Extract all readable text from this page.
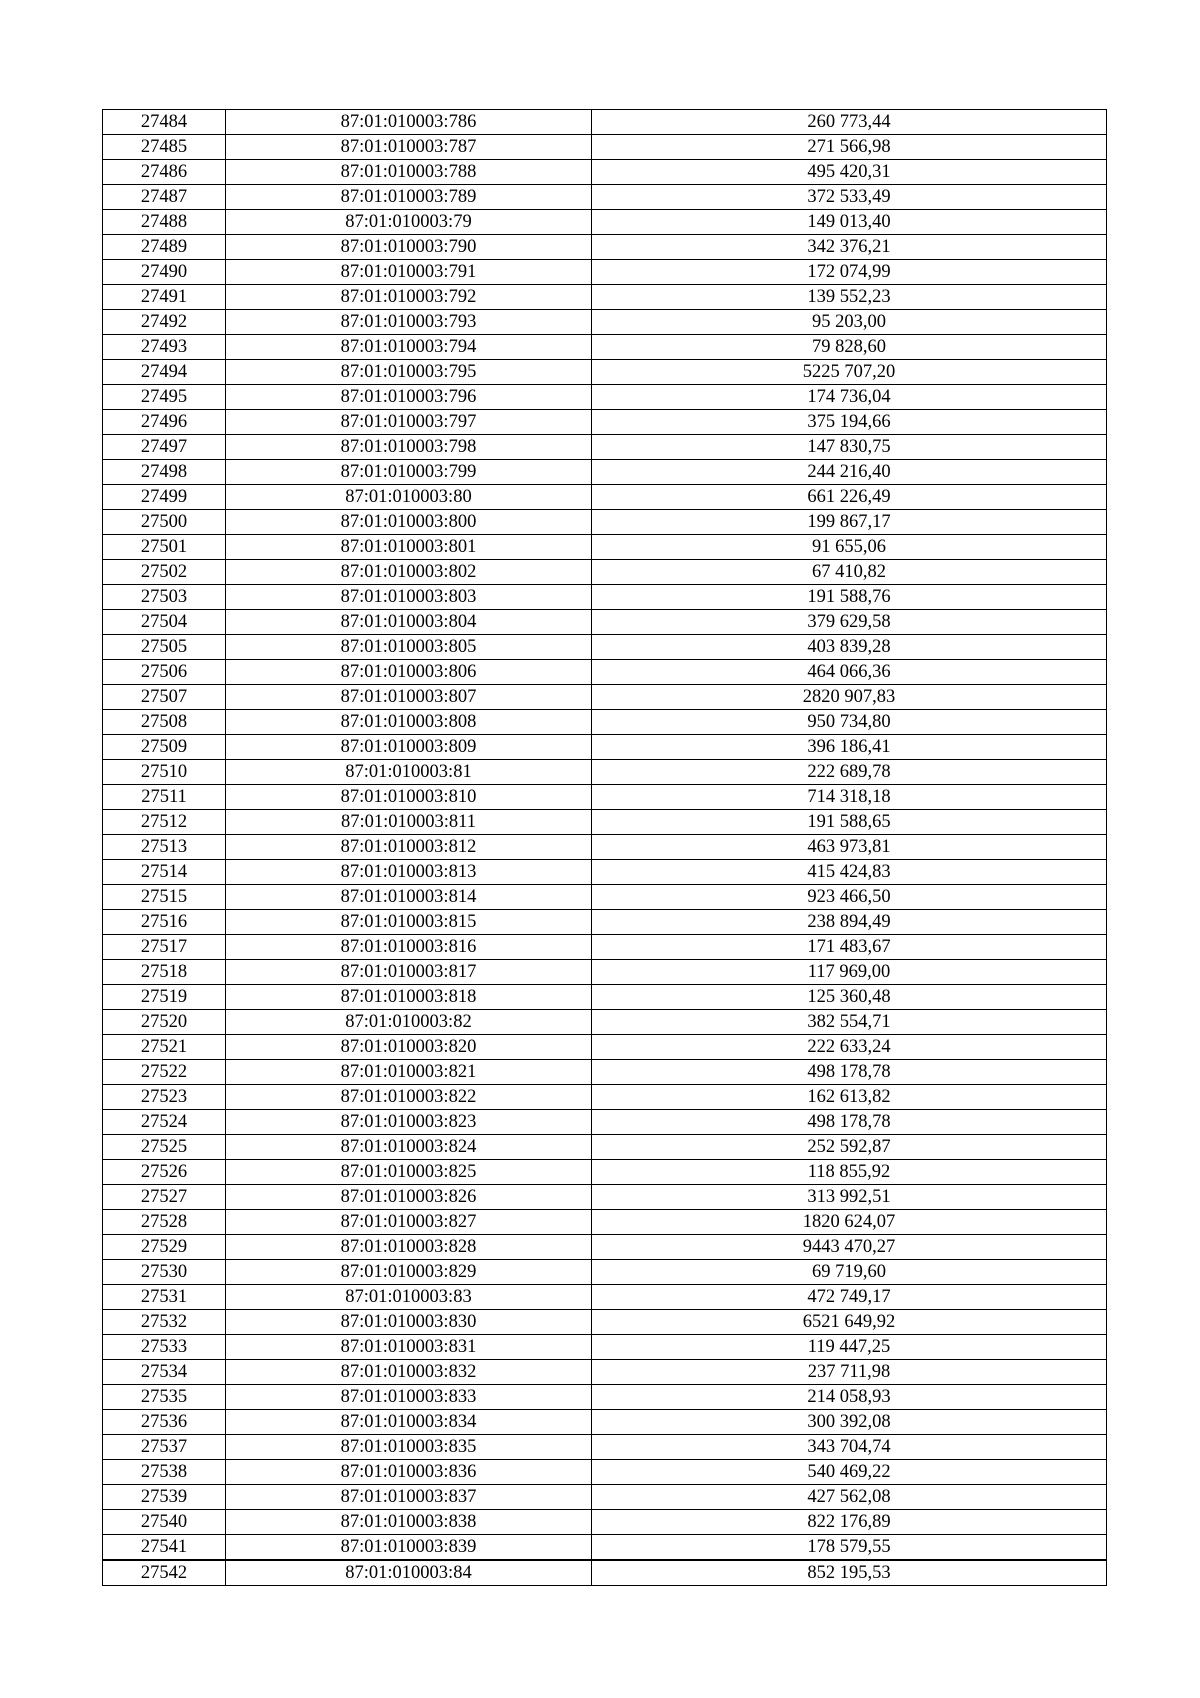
27484	87:01:010003:786	260 773,44
27485	87:01:010003:787	271 566,98
27486	87:01:010003:788	495 420,31
27487	87:01:010003:789	372 533,49
27488	87:01:010003:79	149 013,40
27489	87:01:010003:790	342 376,21
27490	87:01:010003:791	172 074,99
27491	87:01:010003:792	139 552,23
27492	87:01:010003:793	95 203,00
27493	87:01:010003:794	79 828,60
27494	87:01:010003:795	5225 707,20
27495	87:01:010003:796	174 736,04
27496	87:01:010003:797	375 194,66
27497	87:01:010003:798	147 830,75
27498	87:01:010003:799	244 216,40
27499	87:01:010003:80	661 226,49
27500	87:01:010003:800	199 867,17
27501	87:01:010003:801	91 655,06
27502	87:01:010003:802	67 410,82
27503	87:01:010003:803	191 588,76
27504	87:01:010003:804	379 629,58
27505	87:01:010003:805	403 839,28
27506	87:01:010003:806	464 066,36
27507	87:01:010003:807	2820 907,83
27508	87:01:010003:808	950 734,80
27509	87:01:010003:809	396 186,41
27510	87:01:010003:81	222 689,78
27511	87:01:010003:810	714 318,18
27512	87:01:010003:811	191 588,65
27513	87:01:010003:812	463 973,81
27514	87:01:010003:813	415 424,83
27515	87:01:010003:814	923 466,50
27516	87:01:010003:815	238 894,49
27517	87:01:010003:816	171 483,67
27518	87:01:010003:817	117 969,00
27519	87:01:010003:818	125 360,48
27520	87:01:010003:82	382 554,71
27521	87:01:010003:820	222 633,24
27522	87:01:010003:821	498 178,78
27523	87:01:010003:822	162 613,82
27524	87:01:010003:823	498 178,78
27525	87:01:010003:824	252 592,87
27526	87:01:010003:825	118 855,92
27527	87:01:010003:826	313 992,51
27528	87:01:010003:827	1820 624,07
27529	87:01:010003:828	9443 470,27
27530	87:01:010003:829	69 719,60
27531	87:01:010003:83	472 749,17
27532	87:01:010003:830	6521 649,92
27533	87:01:010003:831	119 447,25
27534	87:01:010003:832	237 711,98
27535	87:01:010003:833	214 058,93
27536	87:01:010003:834	300 392,08
27537	87:01:010003:835	343 704,74
27538	87:01:010003:836	540 469,22
27539	87:01:010003:837	427 562,08
27540	87:01:010003:838	822 176,89
27541	87:01:010003:839	178 579,55
27542	87:01:010003:84	852 195,53
